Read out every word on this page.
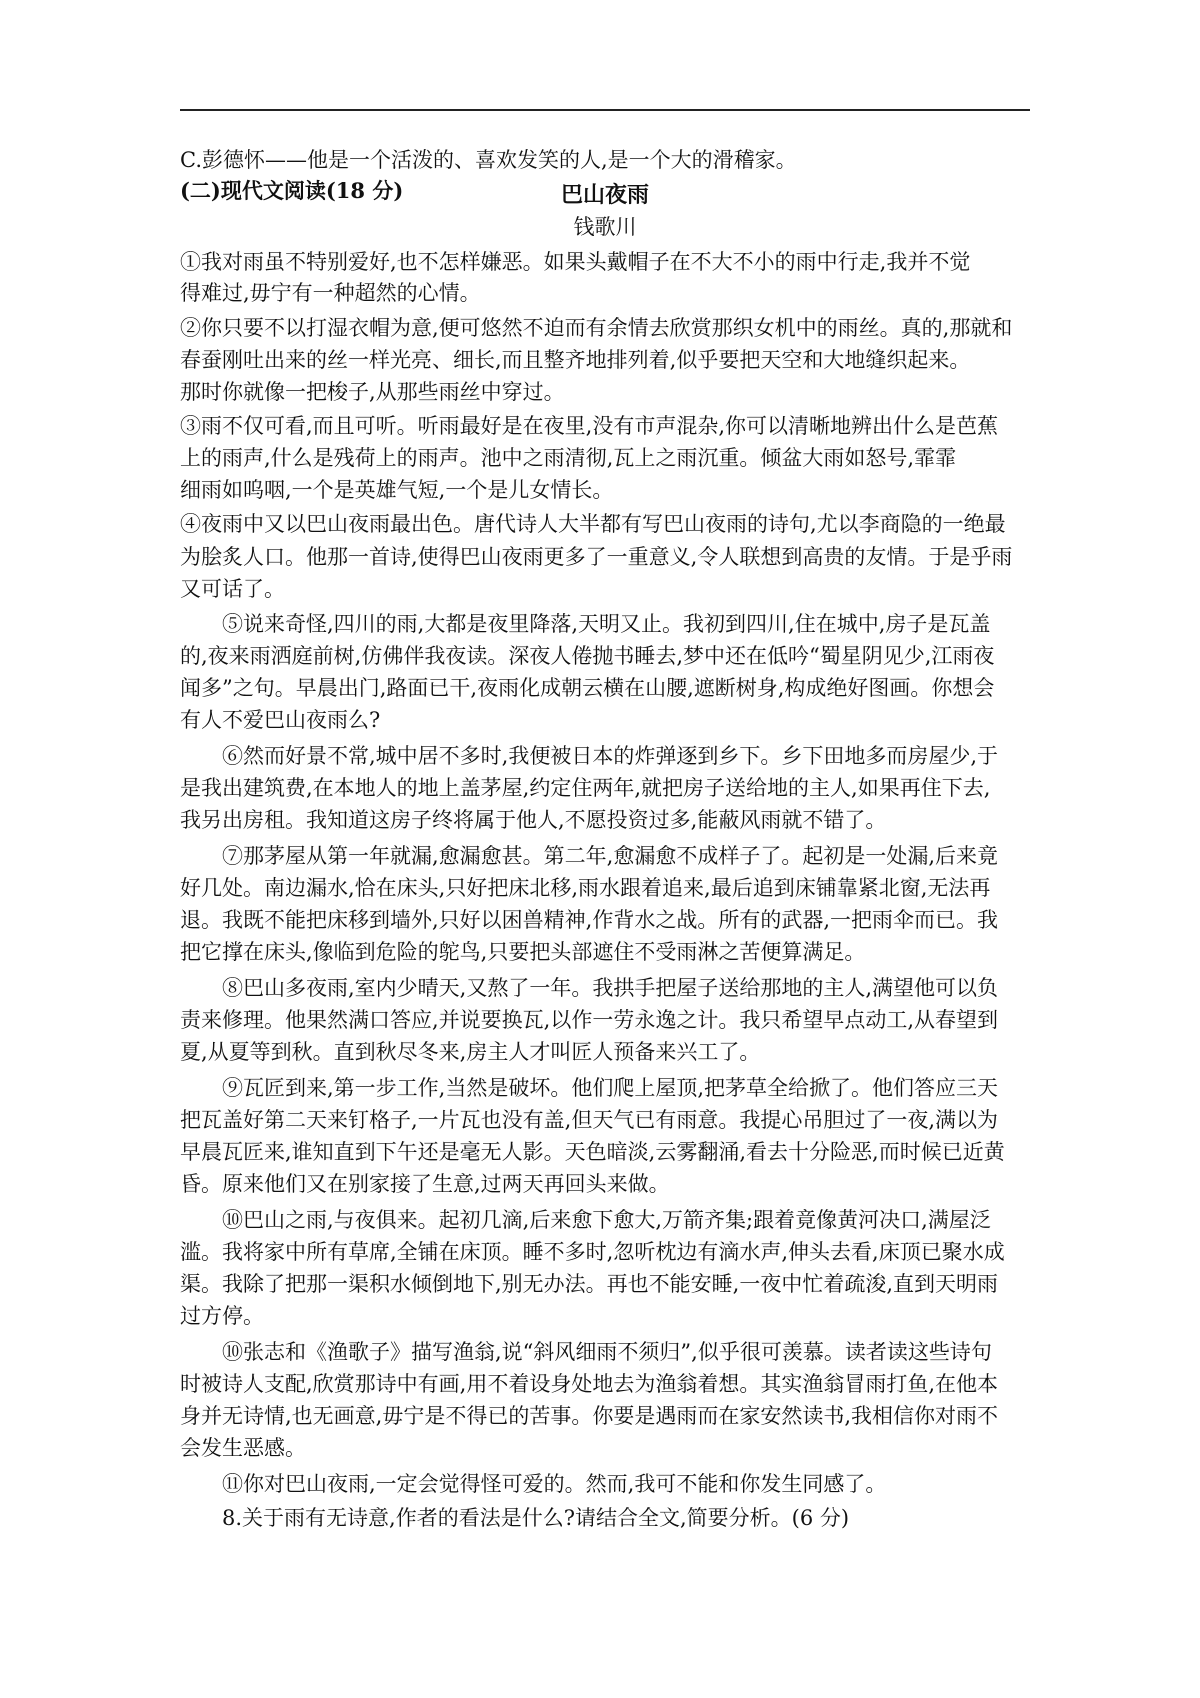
C.彭德怀——他是一个活泼的、喜欢发笑的人,是一个大的滑稽家。
(二)现代文阅读(18 分)	巴山夜雨
钱歌川
①我对雨虽不特别爱好,也不怎样嫌恶。如果头戴帽子在不大不小的雨中行走,我并不觉
得难过,毋宁有一种超然的心情。
②你只要不以打湿衣帽为意,便可悠然不迫而有余情去欣赏那织女机中的雨丝。真的,那就和
春蚕刚吐出来的丝一样光亮、细长,而且整齐地排列着,似乎要把天空和大地缝织起来。
那时你就像一把梭子,从那些雨丝中穿过。
③雨不仅可看,而且可听。听雨最好是在夜里,没有市声混杂,你可以清晰地辨出什么是芭蕉
上的雨声,什么是残荷上的雨声。池中之雨清彻,瓦上之雨沉重。倾盆大雨如怒号,霏霏
细雨如呜咽,一个是英雄气短,一个是儿女情长。
④夜雨中又以巴山夜雨最出色。唐代诗人大半都有写巴山夜雨的诗句,尤以李商隐的一绝最
为脍炙人口。他那一首诗,使得巴山夜雨更多了一重意义,令人联想到高贵的友情。于是乎雨
又可话了。
⑤说来奇怪,四川的雨,大都是夜里降落,天明又止。我初到四川,住在城中,房子是瓦盖
的,夜来雨洒庭前树,仿佛伴我夜读。深夜人倦抛书睡去,梦中还在低吟“蜀星阴见少,江雨夜
闻多”之句。早晨出门,路面已干,夜雨化成朝云横在山腰,遮断树身,构成绝好图画。你想会
有人不爱巴山夜雨么?
⑥然而好景不常,城中居不多时,我便被日本的炸弹逐到乡下。乡下田地多而房屋少,于
是我出建筑费,在本地人的地上盖茅屋,约定住两年,就把房子送给地的主人,如果再住下去,
我另出房租。我知道这房子终将属于他人,不愿投资过多,能蔽风雨就不错了。
⑦那茅屋从第一年就漏,愈漏愈甚。第二年,愈漏愈不成样子了。起初是一处漏,后来竟
好几处。南边漏水,恰在床头,只好把床北移,雨水跟着追来,最后追到床铺靠紧北窗,无法再
退。我既不能把床移到墙外,只好以困兽精神,作背水之战。所有的武器,一把雨伞而已。我
把它撑在床头,像临到危险的鸵鸟,只要把头部遮住不受雨淋之苦便算满足。
⑧巴山多夜雨,室内少晴天,又熬了一年。我拱手把屋子送给那地的主人,满望他可以负
责来修理。他果然满口答应,并说要换瓦,以作一劳永逸之计。我只希望早点动工,从春望到
夏,从夏等到秋。直到秋尽冬来,房主人才叫匠人预备来兴工了。
⑨瓦匠到来,第一步工作,当然是破坏。他们爬上屋顶,把茅草全给掀了。他们答应三天
把瓦盖好第二天来钉格子,一片瓦也没有盖,但天气已有雨意。我提心吊胆过了一夜,满以为
早晨瓦匠来,谁知直到下午还是毫无人影。天色暗淡,云雾翻涌,看去十分险恶,而时候已近黄
昏。原来他们又在别家接了生意,过两天再回头来做。
⑩巴山之雨,与夜俱来。起初几滴,后来愈下愈大,万箭齐集;跟着竟像黄河决口,满屋泛
滥。我将家中所有草席,全铺在床顶。睡不多时,忽听枕边有滴水声,伸头去看,床顶已聚水成
渠。我除了把那一渠积水倾倒地下,别无办法。再也不能安睡,一夜中忙着疏浚,直到天明雨
过方停。
⑩张志和《渔歌子》描写渔翁,说“斜风细雨不须归”,似乎很可羡慕。读者读这些诗句
时被诗人支配,欣赏那诗中有画,用不着设身处地去为渔翁着想。其实渔翁冒雨打鱼,在他本
身并无诗情,也无画意,毋宁是不得已的苦事。你要是遇雨而在家安然读书,我相信你对雨不
会发生恶感。
⑪你对巴山夜雨,一定会觉得怪可爱的。然而,我可不能和你发生同感了。
8.关于雨有无诗意,作者的看法是什么?请结合全文,简要分析。(6 分)
